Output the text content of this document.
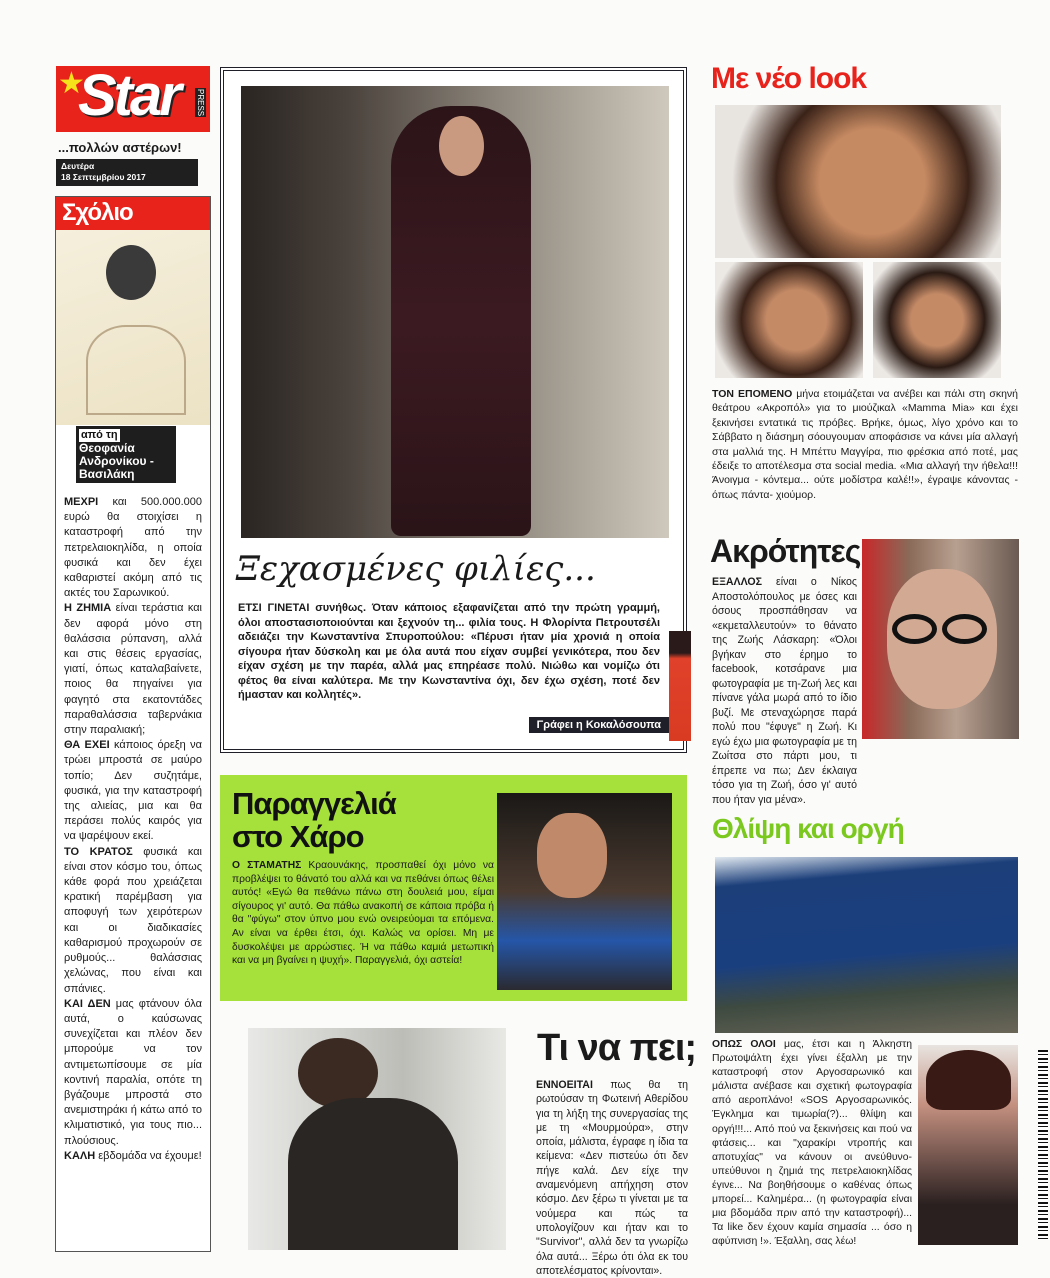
★
Star PRESS
...πολλών αστέρων!
Δευτέρα
18 Σεπτεμβρίου 2017
Σχόλιο
από τη
Θεοφανία Ανδρονίκου - Βασιλάκη

ΜΕΧΡΙ και 500.000.000 ευρώ θα στοιχίσει η καταστροφή από την πετρελαιοκηλίδα, η οποία φυσικά και δεν έχει καθαριστεί ακόμη από τις ακτές του Σαρωνικού.

Η ΖΗΜΙΑ είναι τεράστια και δεν αφορά μόνο στη θαλάσσια ρύπανση, αλλά και στις θέσεις εργασίας, γιατί, όπως καταλαβαίνετε, ποιος θα πηγαίνει για φαγητό στα εκατοντάδες παραθαλάσσια ταβερνάκια στην παραλιακή;

ΘΑ ΕΧΕΙ κάποιος όρεξη να τρώει μπροστά σε μαύρο τοπίο; Δεν συζητάμε, φυσικά, για την καταστροφή της αλιείας, μια και θα περάσει πολύς καιρός για να ψαρέψουν εκεί.

ΤΟ ΚΡΑΤΟΣ φυσικά και είναι στον κόσμο του, όπως κάθε φορά που χρειάζεται κρατική παρέμβαση για αποφυγή των χειρότερων και οι διαδικασίες καθαρισμού προχωρούν σε ρυθμούς... θαλάσσιας χελώνας, που είναι και σπάνιες.

ΚΑΙ ΔΕΝ μας φτάνουν όλα αυτά, ο καύσωνας συνεχίζεται και πλέον δεν μπορούμε να τον αντιμετωπίσουμε σε μία κοντινή παραλία, οπότε τη βγάζουμε μπροστά στο ανεμιστηράκι ή κάτω από το κλιματιστικό, για τους πιο... πλούσιους.

ΚΑΛΗ εβδομάδα να έχουμε!

Ξεχασμένες φιλίες...
ΕΤΣΙ ΓΙΝΕΤΑΙ συνήθως. Όταν κάποιος εξαφανίζεται από την πρώτη γραμμή, όλοι αποστασιοποιούνται και ξεχνούν τη... φιλία τους. Η Φλορίντα Πετρουτσέλι αδειάζει την Κωνσταντίνα Σπυροπούλου: «Πέρυσι ήταν μία χρονιά η οποία σίγουρα ήταν δύσκολη και με όλα αυτά που είχαν συμβεί γενικότερα, που δεν είχαν σχέση με την παρέα, αλλά μας επηρέασε πολύ. Νιώθω και νομίζω ότι φέτος θα είναι καλύτερα. Με την Κωνσταντίνα όχι, δεν έχω σχέση, ποτέ δεν ήμασταν και κολλητές».
Γράφει η Κοκαλόσουπα
Παραγγελιά
στο Χάρο
Ο ΣΤΑΜΑΤΗΣ Κραουνάκης, προσπαθεί όχι μόνο να προβλέψει το θάνατό του αλλά και να πεθάνει όπως θέλει αυτός! «Εγώ θα πεθάνω πάνω στη δουλειά μου, είμαι σίγουρος γι' αυτό. Θα πάθω ανακοπή σε κάποια πρόβα ή θα "φύγω" στον ύπνο μου ενώ ονειρεύομαι τα επόμενα. Αν είναι να έρθει έτσι, όχι. Καλώς να ορίσει. Μη με δυσκολέψει με αρρώστιες. Ή να πάθω καμιά μετωπική και να μη βγαίνει η ψυχή». Παραγγελιά, όχι αστεία!
Τι να πει;
ΕΝΝΟΕΙΤΑΙ πως θα τη ρωτούσαν τη Φωτεινή Αθερίδου για τη λήξη της συνεργασίας της με τη «Μουρμούρα», στην οποία, μάλιστα, έγραφε η ίδια τα κείμενα: «Δεν πιστεύω ότι δεν πήγε καλά. Δεν είχε την αναμενόμενη απήχηση στον κόσμο. Δεν ξέρω τι γίνεται με τα νούμερα και πώς τα υπολογίζουν και ήταν και το "Survivor", αλλά δεν τα γνωρίζω όλα αυτά... Ξέρω ότι όλα εκ του αποτελέσματος κρίνονται».
Με νέο look
ΤΟΝ ΕΠΟΜΕΝΟ μήνα ετοιμάζεται να ανέβει και πάλι στη σκηνή θεάτρου «Ακροπόλ» για το μιούζικαλ «Mamma Mia» και έχει ξεκινήσει εντατικά τις πρόβες. Βρήκε, όμως, λίγο χρόνο και το Σάββατο η διάσημη σόουγουμαν αποφάσισε να κάνει μία αλλαγή στα μαλλιά της. Η Μπέττυ Μαγγίρα, πιο φρέσκια από ποτέ, μας έδειξε το αποτέλεσμα στα social media. «Μια αλλαγή την ήθελα!!! Άνοιγμα - κόντεμα... ούτε μοδίστρα καλέ!!», έγραψε κάνοντας - όπως πάντα- χιούμορ.
Ακρότητες
ΕΞΑΛΛΟΣ είναι ο Νίκος Αποστολόπουλος με όσες και όσους προσπάθησαν να «εκμεταλλευτούν» το θάνατο της Ζωής Λάσκαρη: «Όλοι βγήκαν στο έρημο το facebook, κοτσάρανε μια φωτογραφία με τη-Ζωή λες και πίνανε γάλα μωρά από το ίδιο βυζί. Με στεναχώρησε παρά πολύ που "έφυγε" η Ζωή. Κι εγώ έχω μια φωτογραφία με τη Ζωίτσα στο πάρτι μου, τι έπρεπε να πω; Δεν έκλαιγα τόσο για τη Ζωή, όσο γι' αυτό που ήταν για μένα».
Θλίψη και οργή
ΟΠΩΣ ΟΛΟΙ μας, έτσι και η Άλκηστη Πρωτοψάλτη έχει γίνει έξαλλη με την καταστροφή στον Αργοσαρωνικό και μάλιστα ανέβασε και σχετική φωτογραφία από αεροπλάνο! «SOS Αργοσαρωνικός. Έγκλημα και τιμωρία(?)... θλίψη και οργή!!!... Από πού να ξεκινήσεις και πού να φτάσεις... και "χαρακίρι ντροπής και αποτυχίας" να κάνουν οι ανεύθυνο- υπεύθυνοι η ζημιά της πετρελαιοκηλίδας έγινε... Να βοηθήσουμε ο καθένας όπως μπορεί... Καλημέρα... (η φωτογραφία είναι μια βδομάδα πριν από την καταστροφή)... Τα like δεν έχουν καμία σημασία ... όσο η αφύπνιση !». Έξαλλη, σας λέω!
